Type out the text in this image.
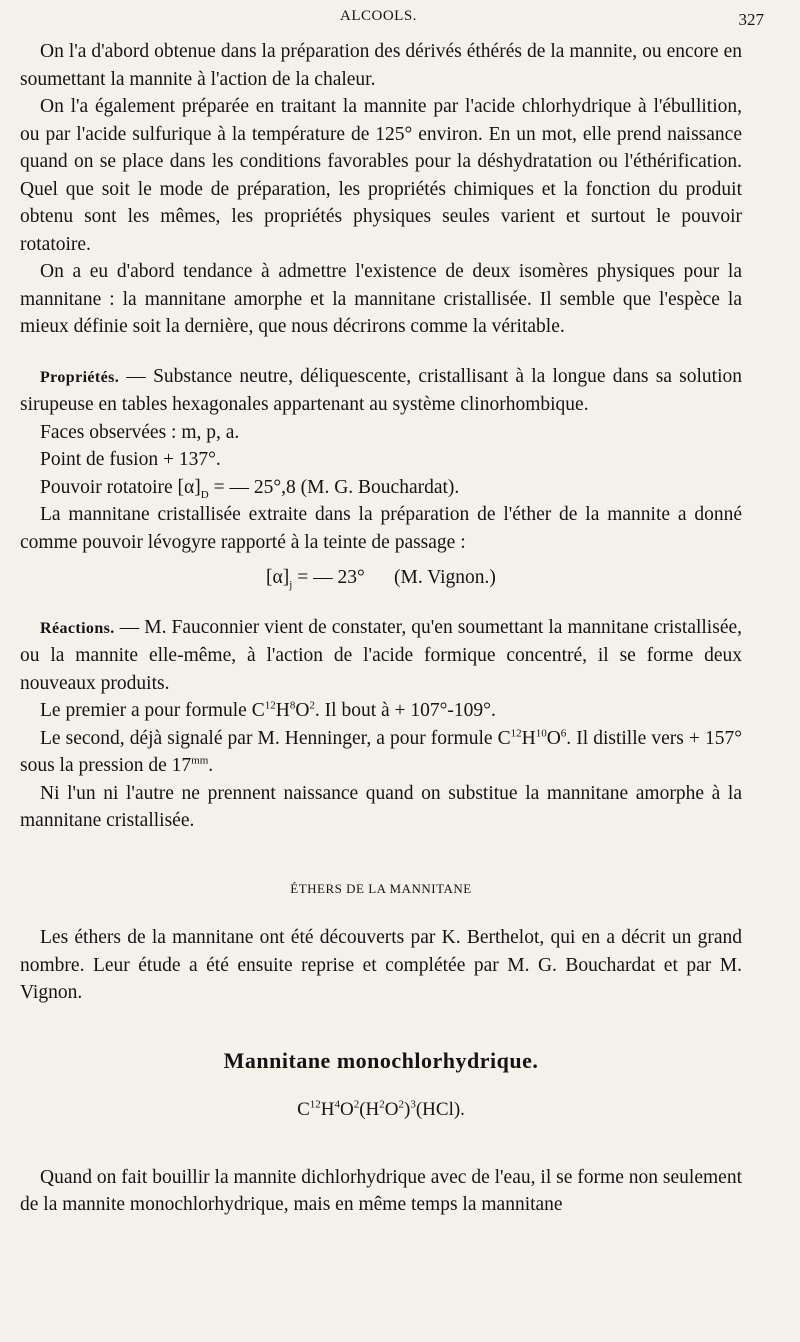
ALCOOLS.	327

On l'a d'abord obtenue dans la préparation des dérivés éthérés de la mannite, ou encore en soumettant la mannite à l'action de la chaleur.

On l'a également préparée en traitant la mannite par l'acide chlorhydrique à l'ébullition, ou par l'acide sulfurique à la température de 125° environ. En un mot, elle prend naissance quand on se place dans les conditions favorables pour la déshydratation ou l'éthérification. Quel que soit le mode de préparation, les propriétés chimiques et la fonction du produit obtenu sont les mêmes, les propriétés physiques seules varient et surtout le pouvoir rotatoire.

On a eu d'abord tendance à admettre l'existence de deux isomères physiques pour la mannitane : la mannitane amorphe et la mannitane cristallisée. Il semble que l'espèce la mieux définie soit la dernière, que nous décrirons comme la véritable.

Propriétés. — Substance neutre, déliquescente, cristallisant à la longue dans sa solution sirupeuse en tables hexagonales appartenant au système clinorhombique.

Faces observées : m, p, a.

Point de fusion + 137°.

Pouvoir rotatoire $[\alpha]_D$ = — 25°,8 (M. G. Bouchardat).

La mannitane cristallisée extraite dans la préparation de l'éther de la mannite a donné comme pouvoir lévogyre rapporté à la teinte de passage :

$[\alpha]_j$ = — 23° (M. Vignon.)

Réactions. — M. Fauconnier vient de constater, qu'en soumettant la mannitane cristallisée, ou la mannite elle-même, à l'action de l'acide formique concentré, il se forme deux nouveaux produits.

Le premier a pour formule $C^{12}H^8O^2$. Il bout à + 107°-109°.

Le second, déjà signalé par M. Henninger, a pour formule $C^{12}H^{10}O^6$. Il distille vers + 157° sous la pression de $17^{mm}$.

Ni l'un ni l'autre ne prennent naissance quand on substitue la mannitane amorphe à la mannitane cristallisée.

ÉTHERS DE LA MANNITANE

Les éthers de la mannitane ont été découverts par K. Berthelot, qui en a décrit un grand nombre. Leur étude a été ensuite reprise et complétée par M. G. Bouchardat et par M. Vignon.

Mannitane monochlorhydrique.

$C^{12}H^4O^2(H^2O^2)^3(HCl)$.

Quand on fait bouillir la mannite dichlorhydrique avec de l'eau, il se forme non seulement de la mannite monochlorhydrique, mais en même temps la mannitane
